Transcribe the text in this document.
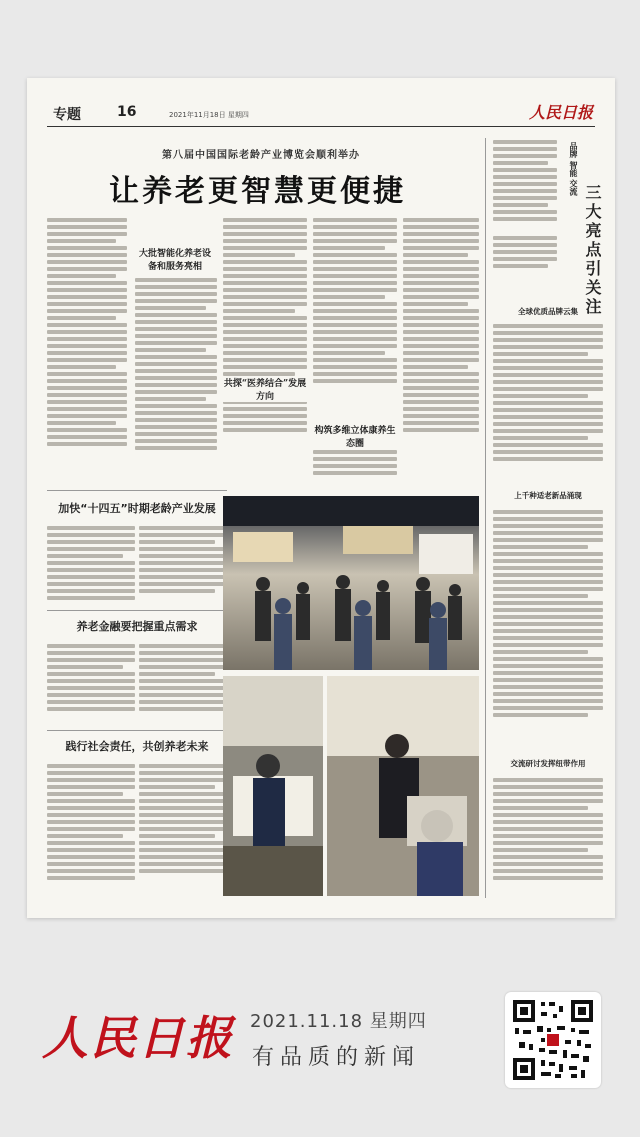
专题	16	2021年11月18日 星期四	人民日报
第八届中国国际老龄产业博览会顺利举办
让养老更智慧更便捷
大批智能化养老设备和服务亮相
共探“医养结合”发展方向
构筑多维立体康养生态圈
品牌 智能 交流
三大亮点引关注
全球优质品牌云集
上千种适老新品涌现
交流研讨发挥纽带作用
加快“十四五”时期老龄产业发展
养老金融要把握重点需求
践行社会责任，共创养老未来
人民日报 2021.11.18 星期四
有品质的新闻
